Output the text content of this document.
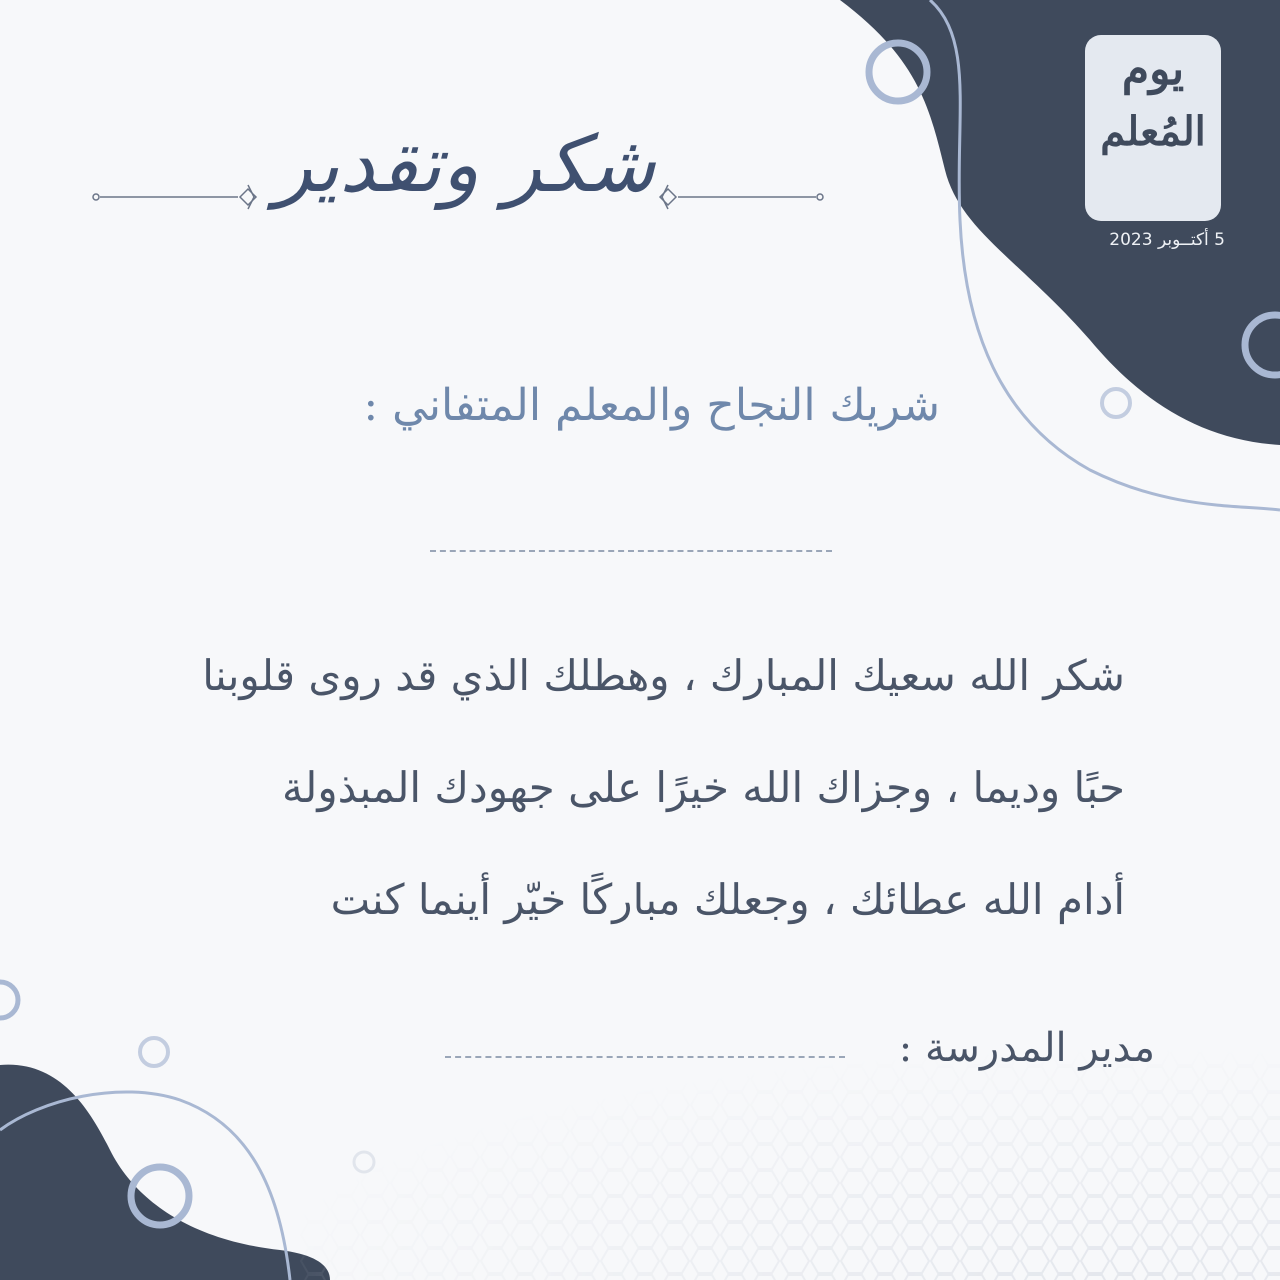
يوم
المُعلم
5 أكتــوبر 2023
شكر وتقدير
شريك النجاح والمعلم المتفاني :
شكر الله سعيك المبارك ، وهطلك الذي قد روى قلوبنا
حبًا وديما ، وجزاك الله خيرًا على جهودك المبذولة
أدام الله عطائك ، وجعلك مباركًا خيّر أينما كنت
مدير المدرسة :
